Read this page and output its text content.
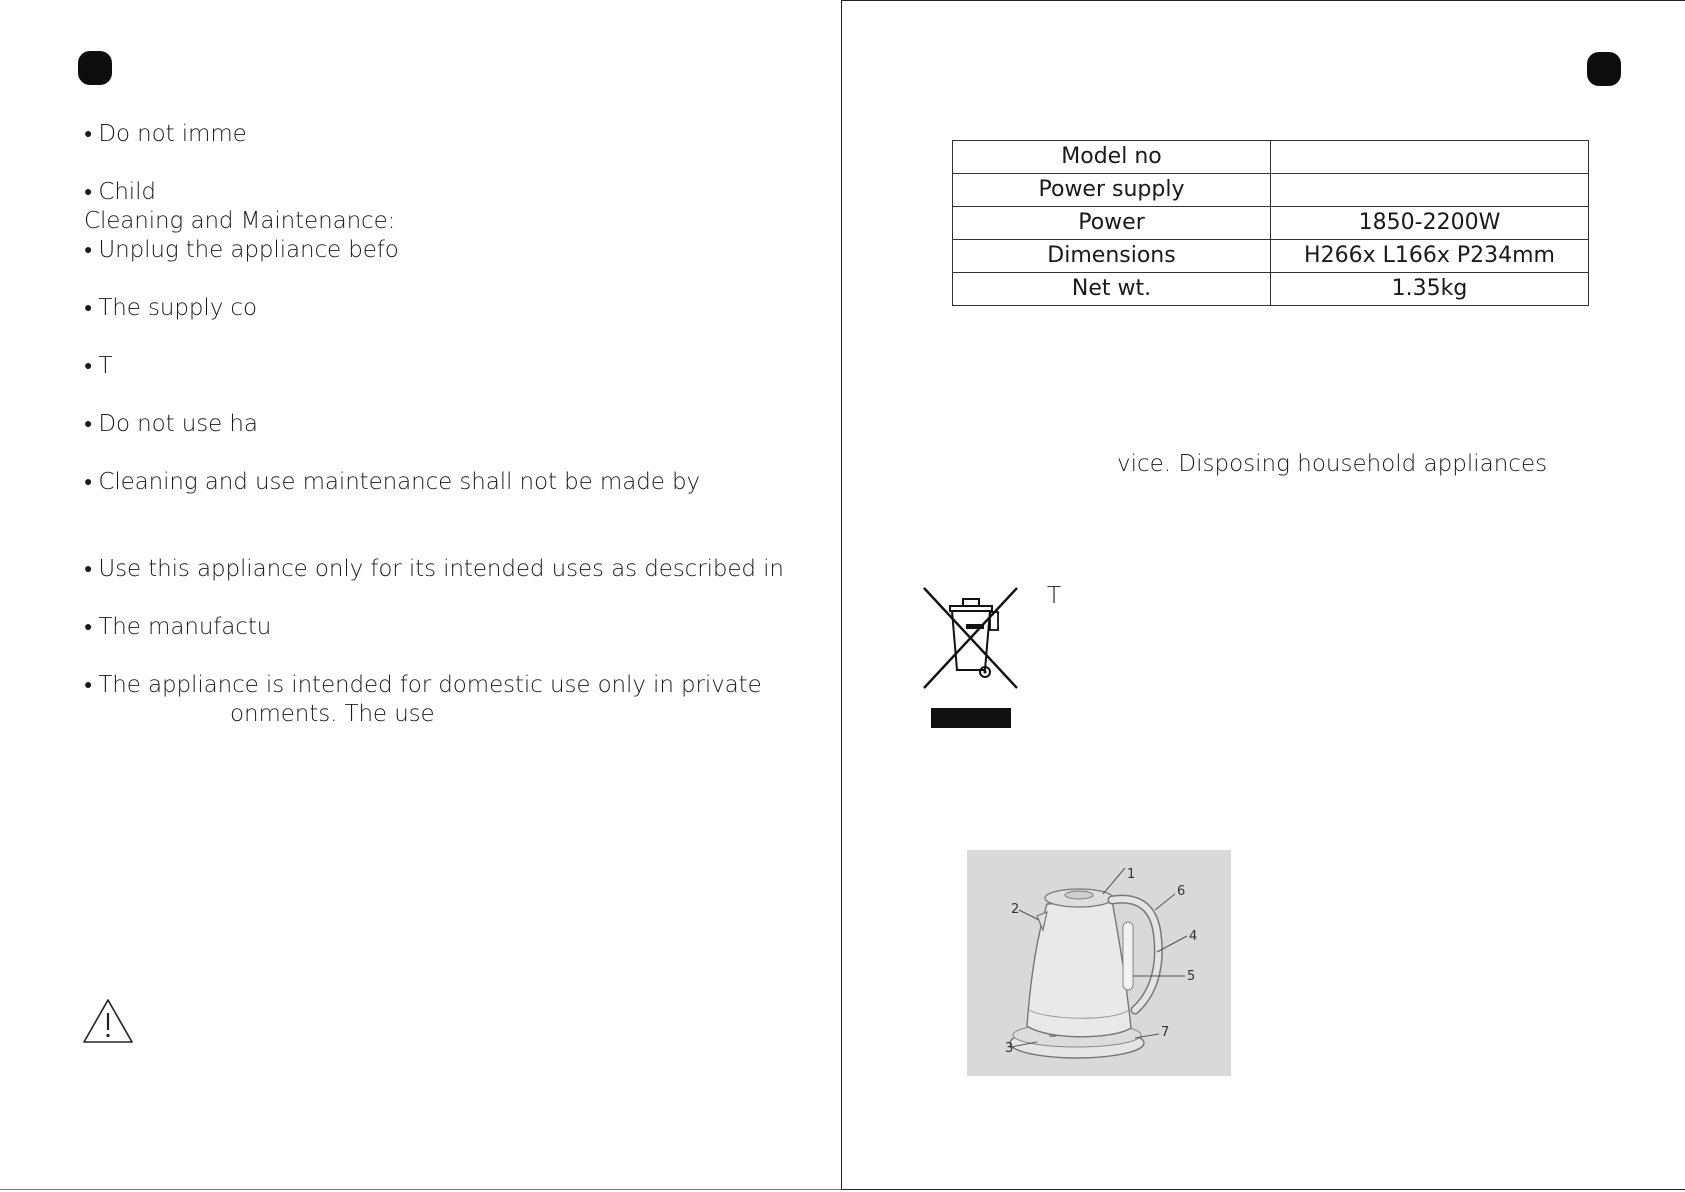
● Do not imme
● Child
Cleaning and Maintenance:
● Unplug the appliance befo
● The supply co
● T
● Do not use ha
● Cleaning and use maintenance shall not be made by
● Use this appliance only for its intended uses as described in
● The manufactu
● The appliance is intended for domestic use only in private
onments. The use
Model no	
Power supply	
Power	1850-2200W
Dimensions	H266x L166x P234mm
Net wt.	1.35kg
vice. Disposing household appliances
T
1
2
3
4
5
6
7
